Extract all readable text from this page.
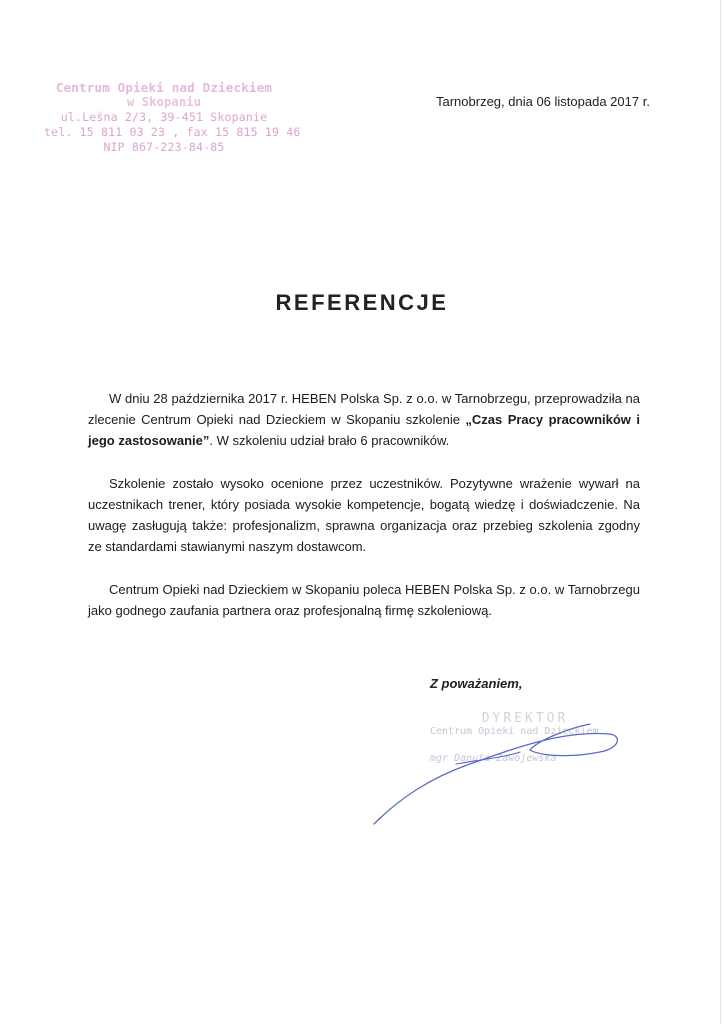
Centrum Opieki nad Dzieckiem
w Skopaniu
ul.Leśna 2/3, 39-451 Skopanie
tel. 15 811 03 23 , fax 15 815 19 46
NIP 867-223-84-85
Tarnobrzeg, dnia 06 listopada 2017 r.
REFERENCJE

W dniu 28 października 2017 r. HEBEN Polska Sp. z o.o. w Tarnobrzegu, przeprowadziła na zlecenie Centrum Opieki nad Dzieckiem w Skopaniu szkolenie „Czas Pracy pracowników i jego zastosowanie”. W szkoleniu udział brało 6 pracowników.

Szkolenie zostało wysoko ocenione przez uczestników. Pozytywne wrażenie wywarł na uczestnikach trener, który posiada wysokie kompetencje, bogatą wiedzę i doświadczenie. Na uwagę zasługują także: profesjonalizm, sprawna organizacja oraz przebieg szkolenia zgodny ze standardami stawianymi naszym dostawcom.

Centrum Opieki nad Dzieckiem w Skopaniu poleca HEBEN Polska Sp. z o.o. w Tarnobrzegu jako godnego zaufania partnera oraz profesjonalną firmę szkoleniową.

Z poważaniem,
DYREKTOR
Centrum Opieki nad Dzieckiem
mgr Danuta Zawojewska
